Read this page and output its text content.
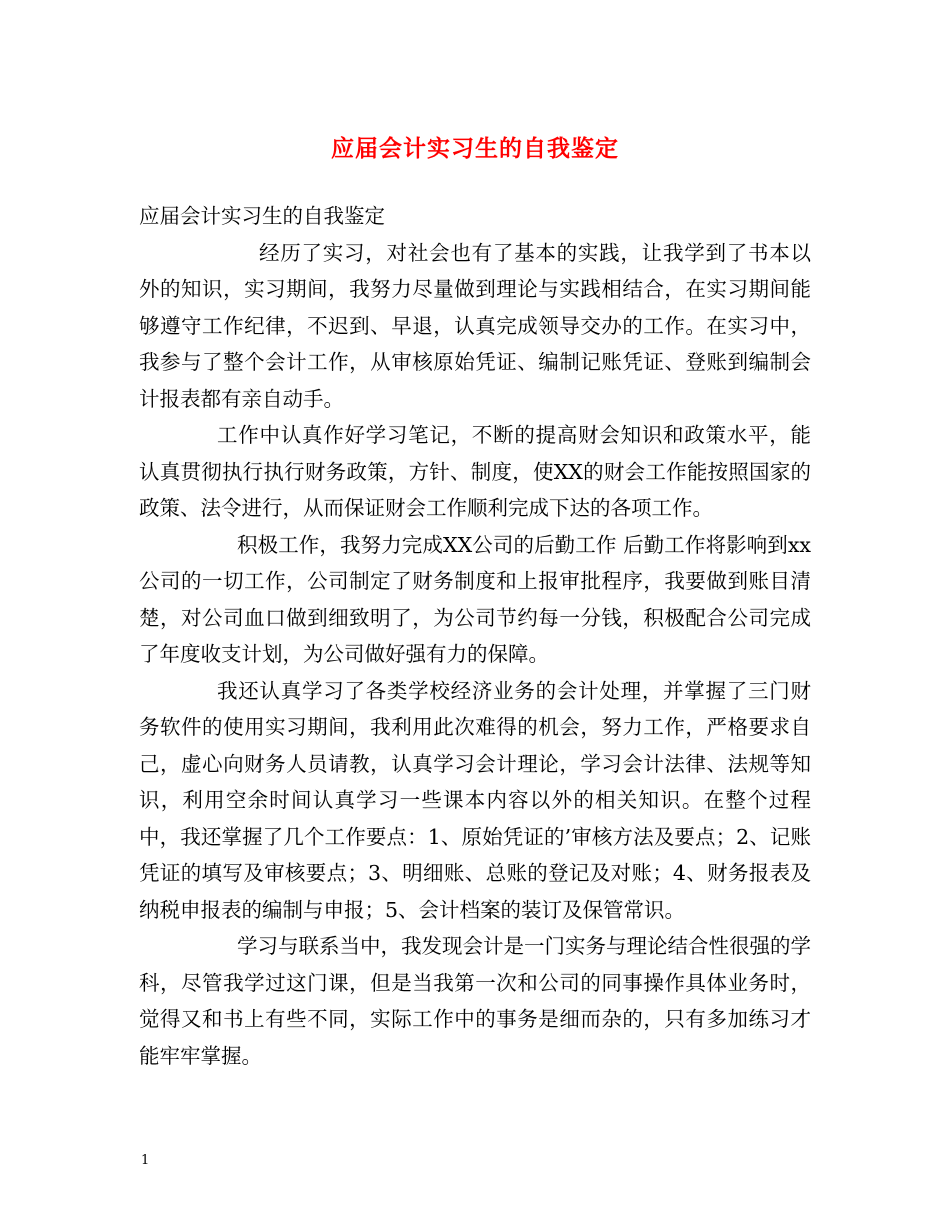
应届会计实习生的自我鉴定

应届会计实习生的自我鉴定

经历了实习，对社会也有了基本的实践，让我学到了书本以外的知识，实习期间，我努力尽量做到理论与实践相结合，在实习期间能够遵守工作纪律，不迟到、早退，认真完成领导交办的工作。在实习中，我参与了整个会计工作，从审核原始凭证、编制记账凭证、登账到编制会计报表都有亲自动手。

工作中认真作好学习笔记，不断的提高财会知识和政策水平，能认真贯彻执行执行财务政策，方针、制度，使XX的财会工作能按照国家的政策、法令进行，从而保证财会工作顺利完成下达的各项工作。

积极工作，我努力完成XX公司的后勤工作 后勤工作将影响到xx公司的一切工作，公司制定了财务制度和上报审批程序，我要做到账目清楚，对公司血口做到细致明了，为公司节约每一分钱，积极配合公司完成了年度收支计划，为公司做好强有力的保障。

我还认真学习了各类学校经济业务的会计处理，并掌握了三门财务软件的使用实习期间，我利用此次难得的机会，努力工作，严格要求自己，虚心向财务人员请教，认真学习会计理论，学习会计法律、法规等知识，利用空余时间认真学习一些课本内容以外的相关知识。在整个过程中，我还掌握了几个工作要点：1、原始凭证的’审核方法及要点；2、记账凭证的填写及审核要点；3、明细账、总账的登记及对账；4、财务报表及纳税申报表的编制与申报；5、会计档案的装订及保管常识。

学习与联系当中，我发现会计是一门实务与理论结合性很强的学科，尽管我学过这门课，但是当我第一次和公司的同事操作具体业务时，觉得又和书上有些不同，实际工作中的事务是细而杂的，只有多加练习才能牢牢掌握。

1
